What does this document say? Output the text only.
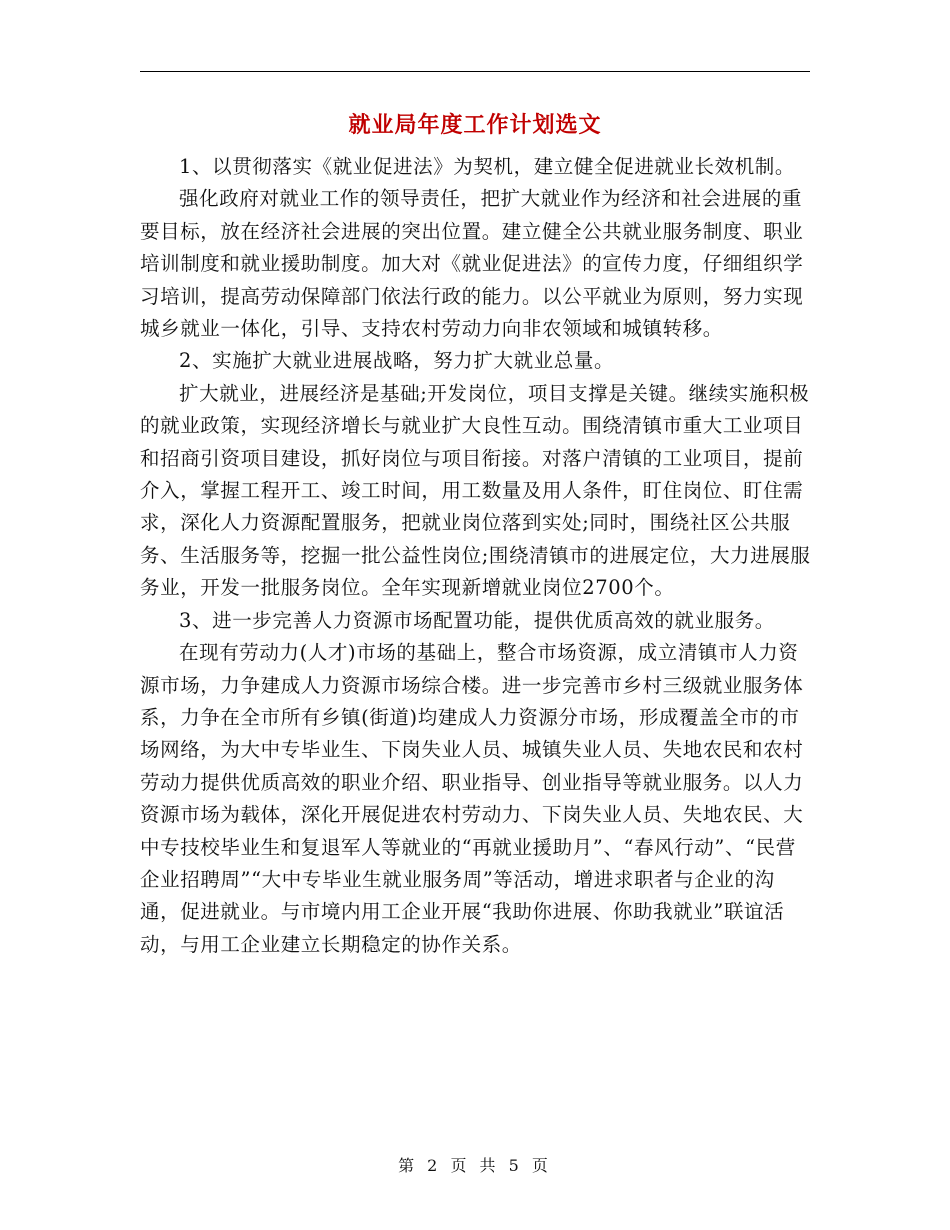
就业局年度工作计划选文

1、以贯彻落实《就业促进法》为契机，建立健全促进就业长效机制。

强化政府对就业工作的领导责任，把扩大就业作为经济和社会进展的重要目标，放在经济社会进展的突出位置。建立健全公共就业服务制度、职业培训制度和就业援助制度。加大对《就业促进法》的宣传力度，仔细组织学习培训，提高劳动保障部门依法行政的能力。以公平就业为原则，努力实现城乡就业一体化，引导、支持农村劳动力向非农领域和城镇转移。

2、实施扩大就业进展战略，努力扩大就业总量。

扩大就业，进展经济是基础;开发岗位，项目支撑是关键。继续实施积极的就业政策，实现经济增长与就业扩大良性互动。围绕清镇市重大工业项目和招商引资项目建设，抓好岗位与项目衔接。对落户清镇的工业项目，提前介入，掌握工程开工、竣工时间，用工数量及用人条件，盯住岗位、盯住需求，深化人力资源配置服务，把就业岗位落到实处;同时，围绕社区公共服务、生活服务等，挖掘一批公益性岗位;围绕清镇市的进展定位，大力进展服务业，开发一批服务岗位。全年实现新增就业岗位2700个。

3、进一步完善人力资源市场配置功能，提供优质高效的就业服务。

在现有劳动力(人才)市场的基础上，整合市场资源，成立清镇市人力资源市场，力争建成人力资源市场综合楼。进一步完善市乡村三级就业服务体系，力争在全市所有乡镇(街道)均建成人力资源分市场，形成覆盖全市的市场网络，为大中专毕业生、下岗失业人员、城镇失业人员、失地农民和农村劳动力提供优质高效的职业介绍、职业指导、创业指导等就业服务。以人力资源市场为载体，深化开展促进农村劳动力、下岗失业人员、失地农民、大中专技校毕业生和复退军人等就业的“再就业援助月”、“春风行动”、“民营企业招聘周”“大中专毕业生就业服务周”等活动，增进求职者与企业的沟通，促进就业。与市境内用工企业开展“我助你进展、你助我就业”联谊活动，与用工企业建立长期稳定的协作关系。

第 2 页 共 5 页
